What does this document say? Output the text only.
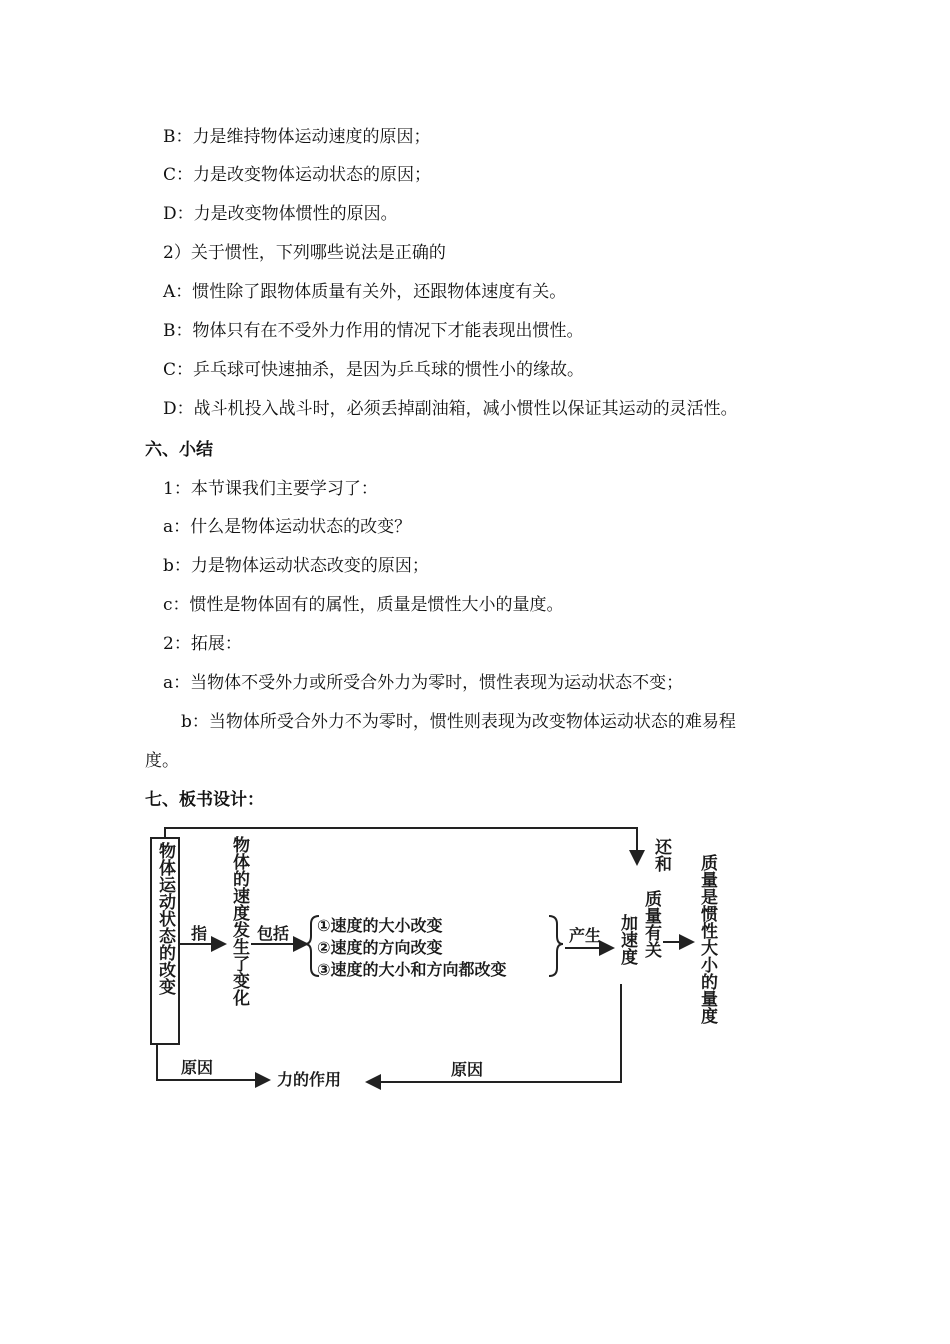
B：力是维持物体运动速度的原因；
C：力是改变物体运动状态的原因；
D：力是改变物体惯性的原因。
2）关于惯性，下列哪些说法是正确的
A：惯性除了跟物体质量有关外，还跟物体速度有关。
B：物体只有在不受外力作用的情况下才能表现出惯性。
C：乒乓球可快速抽杀，是因为乒乓球的惯性小的缘故。
D：战斗机投入战斗时，必须丢掉副油箱，减小惯性以保证其运动的灵活性。
六、小结
1：本节课我们主要学习了：
a：什么是物体运动状态的改变？
b：力是物体运动状态改变的原因；
c：惯性是物体固有的属性，质量是惯性大小的量度。
2：拓展：
a：当物体不受外力或所受合外力为零时，惯性表现为运动状态不变；
b：当物体所受合外力不为零时，惯性则表现为改变物体运动状态的难易程
度。
七、板书设计：
物体运动状态的改变 指 物体的速度发生了变化 包括 ①速度的大小改变
②速度的方向改变
③速度的大小和方向都改变
产生 加速度 质量有关
还和 质量是惯性大小的量度
原因
力的作用
原因
